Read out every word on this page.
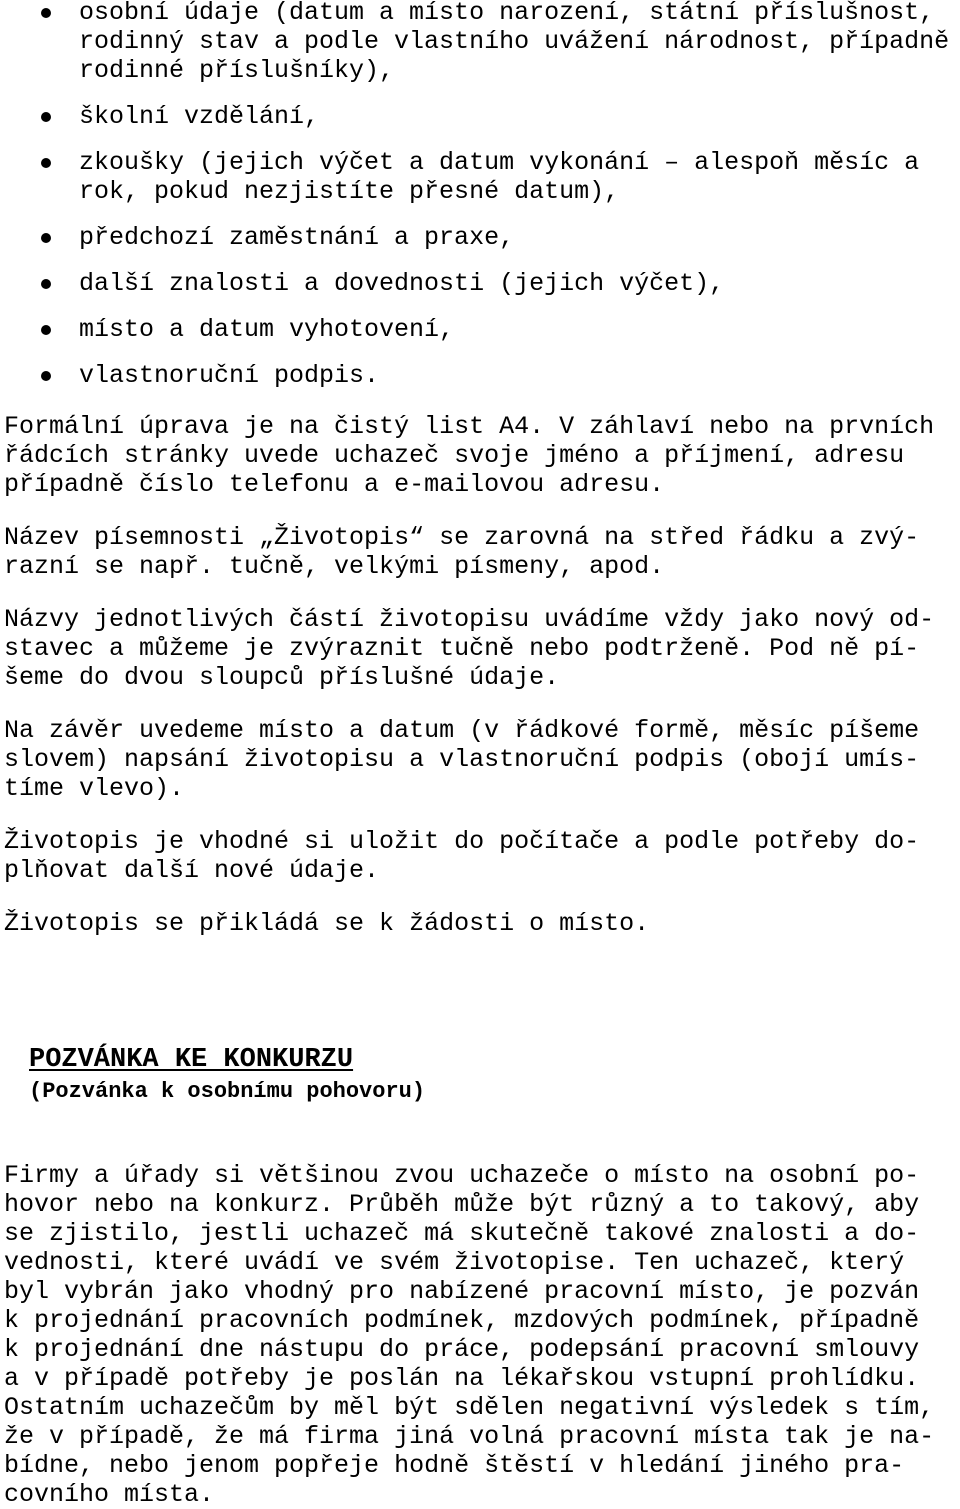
osobní údaje (datum a místo narození, státní příslušnost,
rodinný stav a podle vlastního uvážení národnost, případně
rodinné příslušníky),
školní vzdělání,
zkoušky (jejich výčet a datum vykonání – alespoň měsíc a
rok, pokud nezjistíte přesné datum),
předchozí zaměstnání a praxe,
další znalosti a dovednosti (jejich výčet),
místo a datum vyhotovení,
vlastnoruční podpis.

Formální úprava je na čistý list A4. V záhlaví nebo na prvních
řádcích stránky uvede uchazeč svoje jméno a příjmení, adresu
případně číslo telefonu a e-mailovou adresu.

Název písemnosti „Životopis“ se zarovná na střed řádku a zvý-
razní se např. tučně, velkými písmeny, apod.

Názvy jednotlivých částí životopisu uvádíme vždy jako nový od-
stavec a můžeme je zvýraznit tučně nebo podtrženě. Pod ně pí-
šeme do dvou sloupců příslušné údaje.

Na závěr uvedeme místo a datum (v řádkové formě, měsíc píšeme
slovem) napsání životopisu a vlastnoruční podpis (obojí umís-
tíme vlevo).

Životopis je vhodné si uložit do počítače a podle potřeby do-
plňovat další nové údaje.

Životopis se přikládá se k žádosti o místo.

POZVÁNKA KE KONKURZU
(Pozvánka k osobnímu pohovoru)

Firmy a úřady si většinou zvou uchazeče o místo na osobní po-
hovor nebo na konkurz. Průběh může být různý a to takový, aby
se zjistilo, jestli uchazeč má skutečně takové znalosti a do-
vednosti, které uvádí ve svém životopise. Ten uchazeč, který
byl vybrán jako vhodný pro nabízené pracovní místo, je pozván
k projednání pracovních podmínek, mzdových podmínek, případně
k projednání dne nástupu do práce, podepsání pracovní smlouvy
a v případě potřeby je poslán na lékařskou vstupní prohlídku.
Ostatním uchazečům by měl být sdělen negativní výsledek s tím,
že v případě, že má firma jiná volná pracovní místa tak je na-
bídne, nebo jenom popřeje hodně štěstí v hledání jiného pra-
covního místa.
